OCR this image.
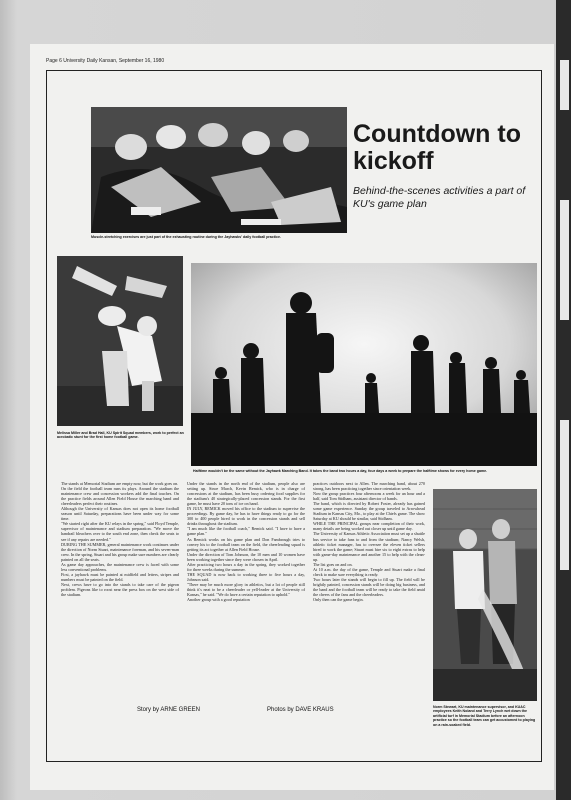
Page 6 University Daily Kansan, September 16, 1980
Muscle-stretching exercises are just part of the exhausting routine during the Jayhawks' daily football practice.
Countdown to kickoff
Behind-the-scenes activities a part of KU's game plan
Melissa Miller and Brad Hall, KU Spirit Squad members, work to perfect an acrobatic stunt for the first home football game.
Halftime wouldn't be the same without the Jayhawk Marching Band. It takes the band two hours a day, four days a week to prepare the halftime shows for every home game.
The stands at Memorial Stadium are empty now, but the work goes on.
On the field the football team runs its plays. Around the stadium the maintenance crew and concession workers add the final touches. On the practice fields around Allen Field House the marching band and cheerleaders perfect their routines.
Although the University of Kansas does not open its home football season until Saturday, preparations have been under way for some time.
"We started right after the KU relays in the spring," said Floyd Temple, supervisor of maintenance and stadium preparation. "We move the handrail bleachers over to the south end zone, then check the seats to see if any repairs are needed."
DURING THE SUMMER, general maintenance work continues under the direction of Norm Stuart, maintenance foreman, and his seven-man crew. In the spring, Stuart and his group make sure numbers are clearly painted on all the seats.
As game day approaches, the maintenance crew is faced with some less conventional problems.
First, a jayhawk must be painted at midfield and letters, stripes and numbers must be painted on the field.
Next, crews have to go into the stands to take care of the pigeon problem. Pigeons like to roost near the press box on the west side of the stadium.
Under the stands in the north end of the stadium, people also are setting up. Since March, Kevin Remick, who is in charge of concessions at the stadium, has been busy ordering food supplies for the stadium's 40 strategically-placed concession stands. For the first game, he must have 20 tons of ice on hand.
IN JULY, REMICK moved his office to the stadium to supervise the proceedings. By game day, he has to have things ready to go for the 300 to 400 people hired to work in the concession stands and sell drinks throughout the stadium.
"I am much like the football coach," Remick said. "I have to have a game plan."
As Remick works on his game plan and Don Fambrough tries to convey his to the football team on the field, the cheerleading squad is getting its act together at Allen Field House.
Under the direction of Tom Johnson, the 10 men and 10 women have been working together since they were chosen in April.
After practicing two hours a day in the spring, they worked together for three weeks during the summer.
THE SQUAD is now back to working three to five hours a day, Johnson said.
"There may be much more glory in athletics, but a lot of people still think it's neat to be a cheerleader or yell-leader at the University of Kansas," he said. "We do have a certain reputation to uphold."
Another group with a good reputation
practices outdoors next to Allen. The marching band, about 270 strong, has been practicing together since orientation week.
Now the group practices four afternoons a week for an hour and a half, said Tom Stidham, assistant director of bands.
The band, which is directed by Robert Foster, already has gained some game experience. Sunday the group traveled to Arrowhead Stadium in Kansas City, Mo., to play at the Chiefs game. The show Saturday at KU should be similar, said Stidham.
WHILE THE PRINCIPAL groups near completion of their work, many details are being worked out closer up until game day.
The University of Kansas Athletic Association must set up a shuttle bus service to take fans to and from the stadium; Nancy Welsh, athletic ticket manager, has to oversee the eleven ticket sellers hired to work the game; Stuart must hire six to eight extras to help with game-day maintenance and another 15 to help with the clean-up.
The list goes on and on.
At 10 a.m. the day of the game, Temple and Stuart make a final check to make sure everything is ready.
Two hours later the stands will begin to fill up. The field will be brightly painted, concession stands will be doing big business, and the band and the football team will be ready to take the field amid the cheers of the fans and the cheerleaders.
Only then can the game begin.
Norm Stewart, KU maintenance supervisor, and KUAC employees Keith Noland and Terry Lynch wet down the artificial turf in Memorial Stadium before an afternoon practice so the football team can get accustomed to playing on a rain-soaked field.
Story by ARNE GREEN	Photos by DAVE KRAUS
